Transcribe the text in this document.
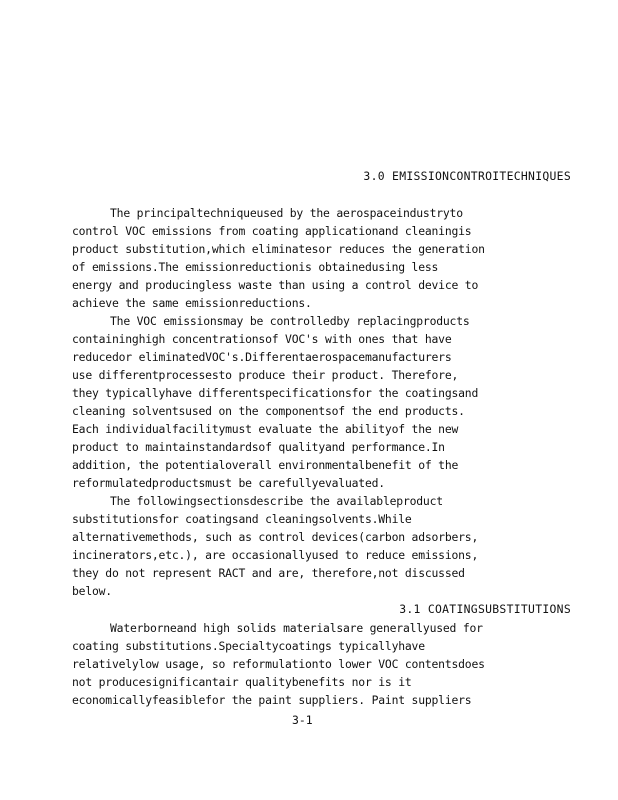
3.0 EMISSIONCONTROITECHNIQUES
The principaltechniqueused by the aerospaceindustryto
control VOC emissions from coating applicationand cleaningis
product substitution,which eliminatesor reduces the generation
of emissions.The emissionreductionis obtainedusing less
energy and producingless waste than using a control device to
achieve the same emissionreductions.
The VOC emissionsmay be controlledby replacingproducts
containinghigh concentrationsof VOC's with ones that have
reducedor eliminatedVOC's.Differentaerospacemanufacturers
use differentprocessesto produce their product. Therefore,
they typicallyhave differentspecificationsfor the coatingsand
cleaning solventsused on the componentsof the end products.
Each individualfacilitymust evaluate the abilityof the new
product to maintainstandardsof qualityand performance.In
addition, the potentialoverall environmentalbenefit of the
reformulatedproductsmust be carefullyevaluated.
The followingsectionsdescribe the availableproduct
substitutionsfor coatingsand cleaningsolvents.While
alternativemethods, such as control devices(carbon adsorbers,
incinerators,etc.), are occasionallyused to reduce emissions,
they do not represent RACT and are, therefore,not discussed
below.
3.1 COATINGSUBSTITUTIONS
Waterborneand high solids materialsare generallyused for
coating substitutions.Specialtycoatings typicallyhave
relativelylow usage, so reformulationto lower VOC contentsdoes
not producesignificantair qualitybenefits nor is it
economicallyfeasiblefor the paint suppliers. Paint suppliers
3-1
